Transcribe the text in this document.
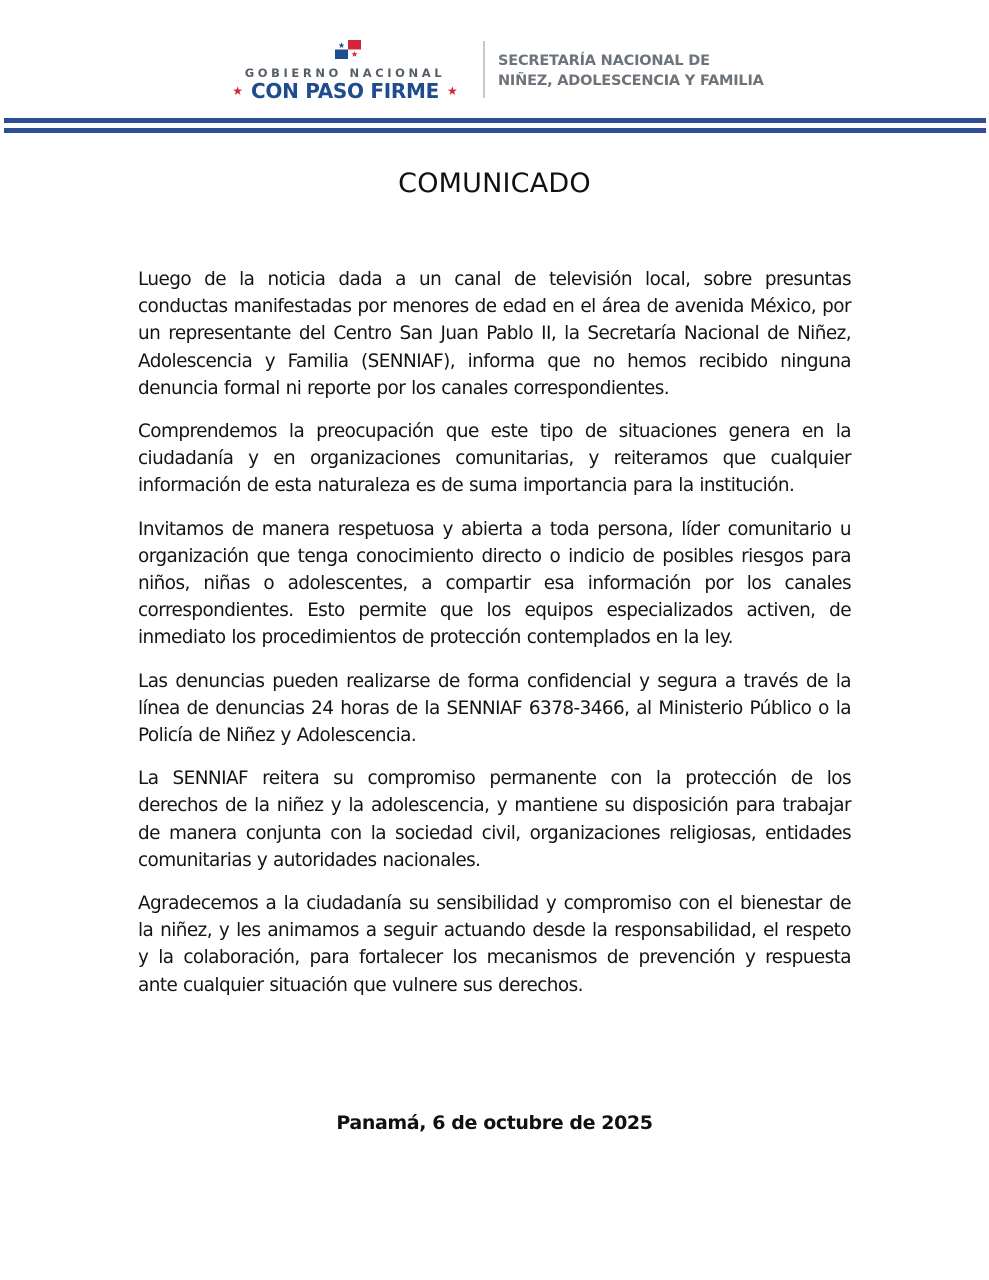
GOBIERNO NACIONAL
★ CON PASO FIRME ★
SECRETARÍA NACIONAL DE
NIÑEZ, ADOLESCENCIA Y FAMILIA
COMUNICADO

Luego de la noticia dada a un canal de televisión local, sobre presuntas conductas manifestadas por menores de edad en el área de avenida México, por un representante del Centro San Juan Pablo II, la Secretaría Nacional de Niñez, Adolescencia y Familia (SENNIAF), informa que no hemos recibido ninguna denuncia formal ni reporte por los canales correspondientes.

Comprendemos la preocupación que este tipo de situaciones genera en la ciudadanía y en organizaciones comunitarias, y reiteramos que cualquier información de esta naturaleza es de suma importancia para la institución.

Invitamos de manera respetuosa y abierta a toda persona, líder comunitario u organización que tenga conocimiento directo o indicio de posibles riesgos para niños, niñas o adolescentes, a compartir esa información por los canales correspondientes. Esto permite que los equipos especializados activen, de inmediato los procedimientos de protección contemplados en la ley.

Las denuncias pueden realizarse de forma confidencial y segura a través de la línea de denuncias 24 horas de la SENNIAF 6378-3466, al Ministerio Público o la Policía de Niñez y Adolescencia.

La SENNIAF reitera su compromiso permanente con la protección de los derechos de la niñez y la adolescencia, y mantiene su disposición para trabajar de manera conjunta con la sociedad civil, organizaciones religiosas, entidades comunitarias y autoridades nacionales.

Agradecemos a la ciudadanía su sensibilidad y compromiso con el bienestar de la niñez, y les animamos a seguir actuando desde la responsabilidad, el respeto y la colaboración, para fortalecer los mecanismos de prevención y respuesta ante cualquier situación que vulnere sus derechos.

Panamá, 6 de octubre de 2025
